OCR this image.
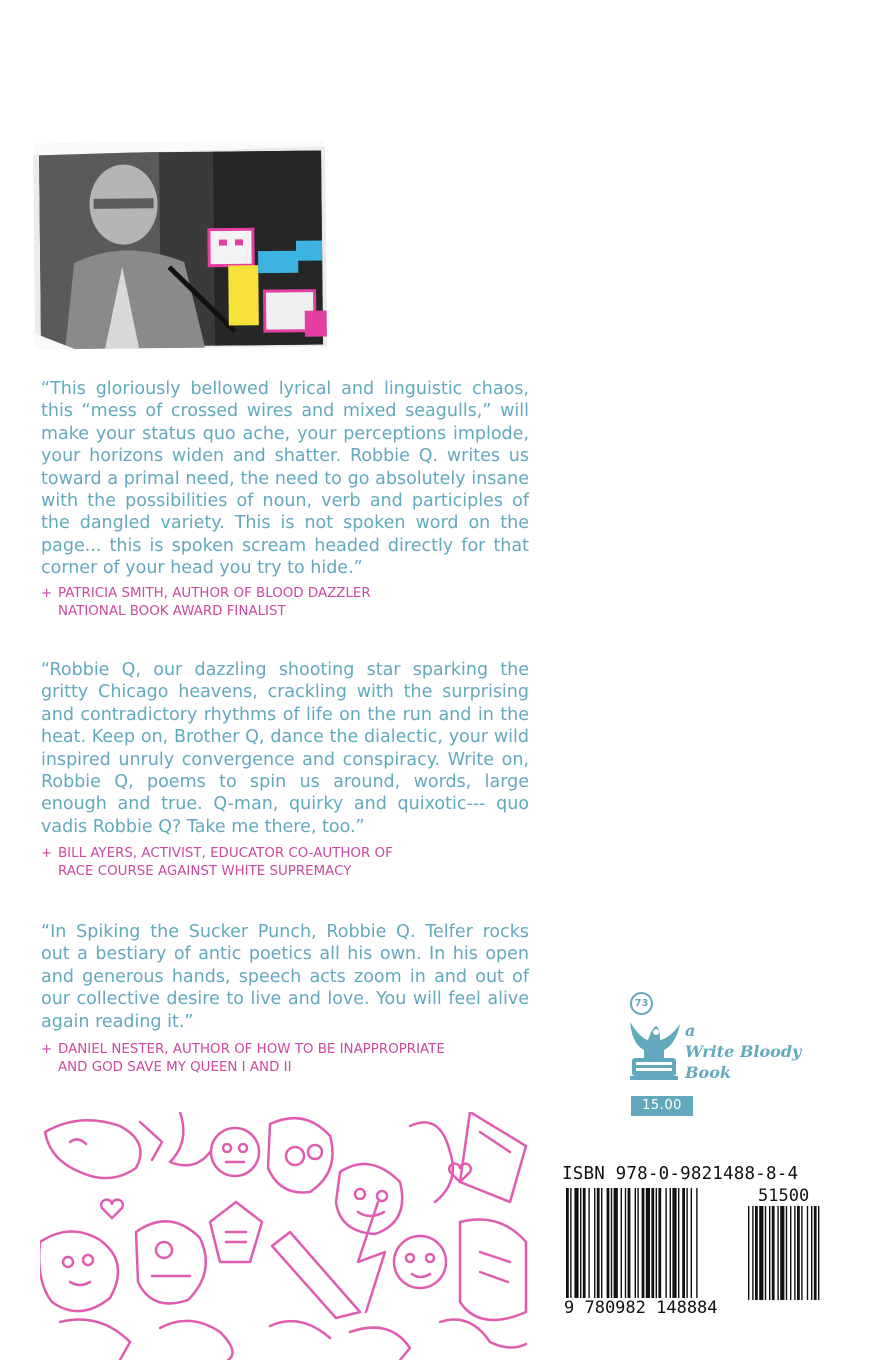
“This gloriously bellowed lyrical and linguistic chaos, this “mess of crossed wires and mixed seagulls,” will make your status quo ache, your perceptions implode, your horizons widen and shatter. Robbie Q. writes us toward a primal need, the need to go absolutely insane with the possibilities of noun, verb and participles of the dangled variety. This is not spoken word on the page... this is spoken scream headed directly for that corner of your head you try to hide.”

+ PATRICIA SMITH, AUTHOR OF BLOOD DAZZLER
NATIONAL BOOK AWARD FINALIST

“Robbie Q, our dazzling shooting star sparking the gritty Chicago heavens, crackling with the surprising and contradictory rhythms of life on the run and in the heat. Keep on, Brother Q, dance the dialectic, your wild inspired unruly convergence and conspiracy. Write on, Robbie Q, poems to spin us around, words, large enough and true. Q-man, quirky and quixotic--- quo vadis Robbie Q? Take me there, too.”

+ BILL AYERS, ACTIVIST, EDUCATOR CO-AUTHOR OF
RACE COURSE AGAINST WHITE SUPREMACY

“In Spiking the Sucker Punch, Robbie Q. Telfer rocks out a bestiary of antic poetics all his own. In his open and generous hands, speech acts zoom in and out of our collective desire to live and love. You will feel alive again reading it.”

+ DANIEL NESTER, AUTHOR OF HOW TO BE INAPPROPRIATE
AND GOD SAVE MY QUEEN I AND II

73
a
Write Bloody
Book
15.00
ISBN 978-0-9821488-8-4
51500
9 780982 148884
